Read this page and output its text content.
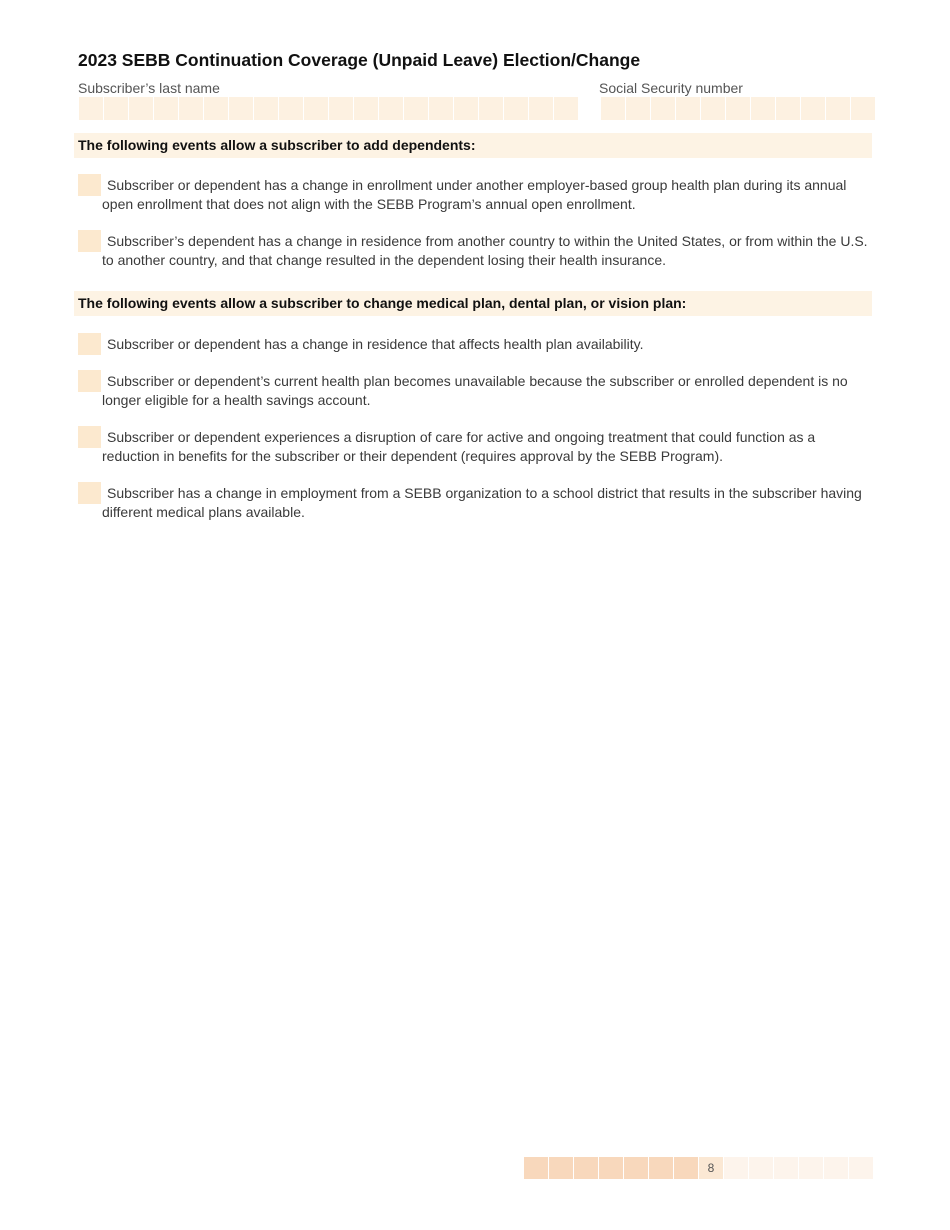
2023 SEBB Continuation Coverage (Unpaid Leave) Election/Change
Subscriber’s last name	Social Security number
The following events allow a subscriber to add dependents:
Subscriber or dependent has a change in enrollment under another employer-based group health plan during its annual open enrollment that does not align with the SEBB Program’s annual open enrollment.
Subscriber’s dependent has a change in residence from another country to within the United States, or from within the U.S. to another country, and that change resulted in the dependent losing their health insurance.
The following events allow a subscriber to change medical plan, dental plan, or vision plan:
Subscriber or dependent has a change in residence that affects health plan availability.
Subscriber or dependent’s current health plan becomes unavailable because the subscriber or enrolled dependent is no longer eligible for a health savings account.
Subscriber or dependent experiences a disruption of care for active and ongoing treatment that could function as a reduction in benefits for the subscriber or their dependent (requires approval by the SEBB Program).
Subscriber has a change in employment from a SEBB organization to a school district that results in the subscriber having different medical plans available.
8
